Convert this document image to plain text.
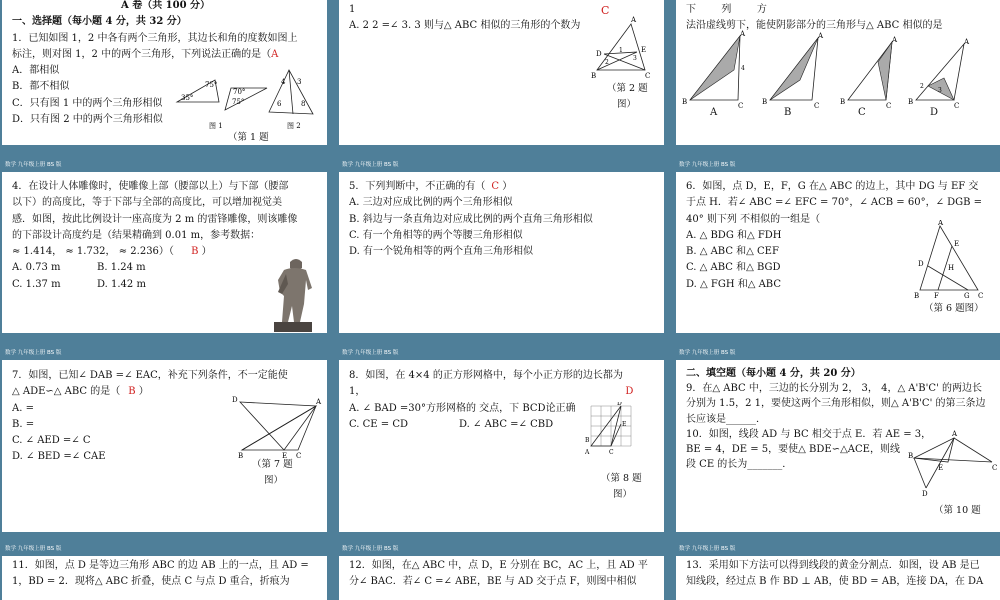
A 卷（共 100 分）
一、选择题（每小题 4 分，共 32 分）
1．已知如图 1，2 中各有两个三角形，其边长和角的度数如图上
标注，则对图 1，2 中的两个三角形，下列说法正确的是（A
A．都相似
B．都不相似
C．只有图 1 中的两个三角形相似
D．只有图 2 中的两个三角形相似
75°
35°
70°
75°
图 1
4 3
6	8
图 2
（第 1 题
1
A. 2 2 =∠ 3. 3 则与△ ABC 相似的三角形的个数为
C
A
D	E
B	C
1
2
3
（第 2 题
图）
下        列        方
法沿虚线剪下，能使阴影部分的三角形与△ ABC 相似的是
A
B	C
4
A
B	C
A
B	C
A
B	C
2
3
A	B	C	D
数学 九年级上册 BS 版
4．在设计人体雕像时，使雕像上部（腰部以上）与下部（腰部
以下）的高度比，等于下部与全部的高度比，可以增加视觉美
感．如图，按此比例设计一座高度为 2 m 的雷锋雕像，则该雕像
的下部设计高度约是（结果精确到 0.01 m，参考数据：
≈ 1.414， ≈ 1.732， ≈ 2.236）（ B ）
A. 0.73 m	B. 1.24 m
C. 1.37 m	D. 1.42 m
数学 九年级上册 BS 版
5．下列判断中，不正确的有（ C ）
A. 三边对应成比例的两个三角形相似
B. 斜边与一条直角边对应成比例的两个直角三角形相似
C. 有一个角相等的两个等腰三角形相似
D. 有一个锐角相等的两个直角三角形相似
数学 九年级上册 BS 版
6．如图，点 D，E，F，G 在△ ABC 的边上，其中 DG 与 EF 交
于点 H．若∠ ABC =∠ EFC = 70°，∠ ACB = 60°，∠ DGB =
40° 则下列 不相似的一组是（
A. △ BDG 和△ FDH
B. △ ABC 和△ CEF
C. △ ABC 和△ BGD
D. △ FGH 和△ ABC
A
E
D	H
B F	G C
（第 6 题图）
数学 九年级上册 BS 版
7．如图，已知∠ DAB =∠ EAC，补充下列条件，不一定能使
△ ADE∽△ ABC 的是（ B ）
A. =
B. =
C. ∠ AED =∠ C
D. ∠ BED =∠ CAE
D	A
B	E C
（第 7 题
图）
数学 九年级上册 BS 版
8．如图，在 4×4 的正方形网格中，每个小正方形的边长都为
1，	D
A. ∠ BAD =30°方形网格的 交点，下 BCD论正确
C. CE = CD	D. ∠ ABC =∠ CBD
D
E
B
A	C
（第 8 题
图）
数学 九年级上册 BS 版
二、填空题（每小题 4 分，共 20 分）
9．在△ ABC 中，三边的长分别为 2， 3， 4，△ A'B'C' 的两边长
分别为 1.5，2 1，要使这两个三角形相似，则△ A'B'C' 的第三条边
长应该是______．
10．如图，线段 AD 与 BC 相交于点 E．若 AE = 3，
BE = 4，DE = 5，要使△ BDE∽△ACE，则线
段 CE 的长为_______．
A
B
E	C
D
（第 10 题
数学 九年级上册 BS 版
11．如图，点 D 是等边三角形 ABC 的边 AB 上的一点，且 AD =
1，BD = 2．现将△ ABC 折叠，使点 C 与点 D 重合，折痕为
数学 九年级上册 BS 版
12．如图，在△ ABC 中，点 D，E 分别在 BC，AC 上，且 AD 平
分∠ BAC．若∠ C =∠ ABE，BE 与 AD 交于点 F，则图中相似
数学 九年级上册 BS 版
13．采用如下方法可以得到线段的黄金分割点．如图，设 AB 是已
知线段，经过点 B 作 BD ⊥ AB，使 BD = AB，连接 DA，在 DA
